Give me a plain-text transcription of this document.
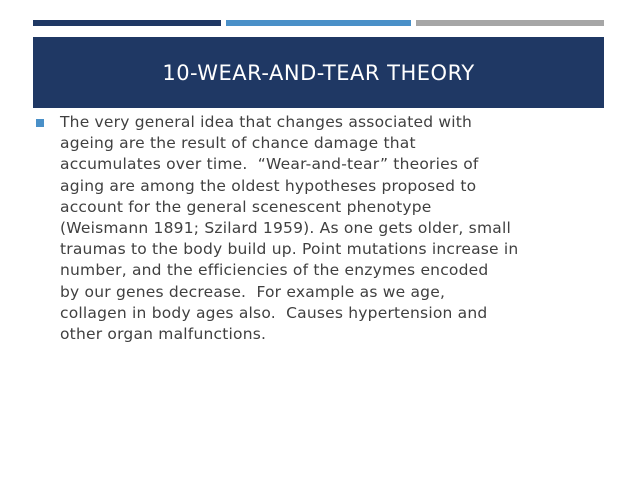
10-WEAR-AND-TEAR THEORY

The very general idea that changes associated with
ageing are the result of chance damage that
accumulates over time.  “Wear-and-tear” theories of
aging are among the oldest hypotheses proposed to
account for the general scenescent phenotype
(Weismann 1891; Szilard 1959). As one gets older, small
traumas to the body build up. Point mutations increase in
number, and the efficiencies of the enzymes encoded
by our genes decrease.  For example as we age,
collagen in body ages also.  Causes hypertension and
other organ malfunctions.
